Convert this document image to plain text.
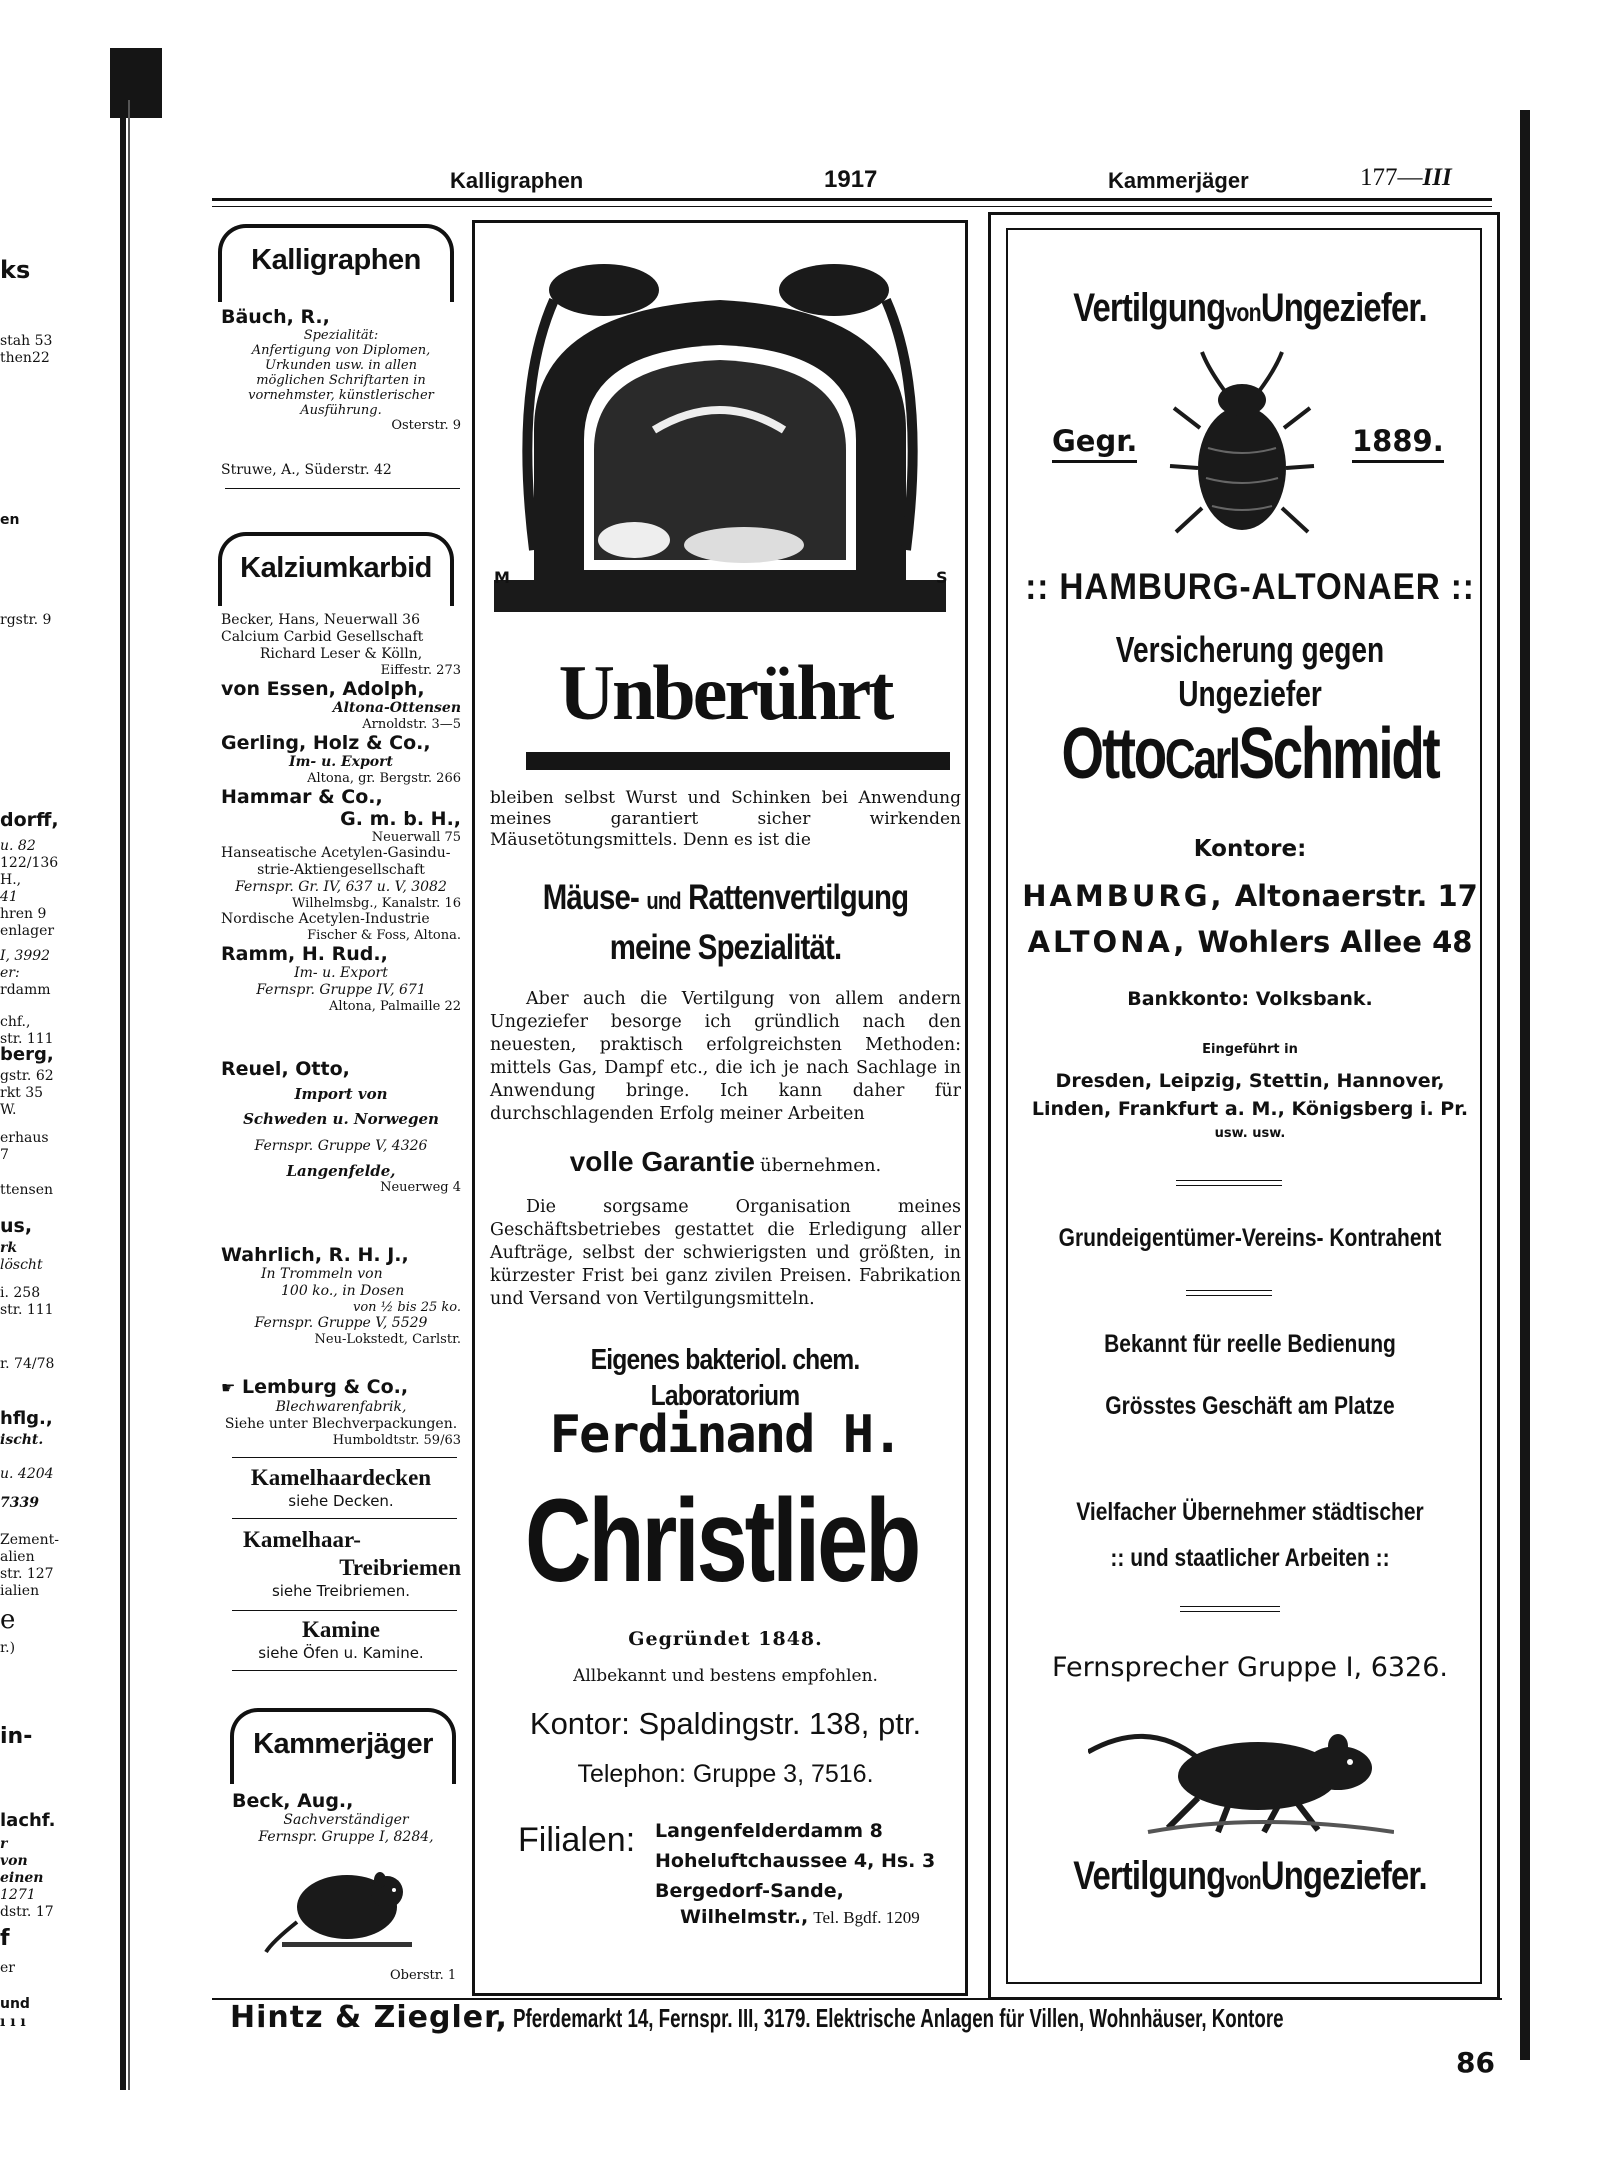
ks
stah 53
then22
en
rgstr. 9
dorff,
u. 82
122/136
H.,
41
hren 9
enlager
I, 3992
er:
rdamm
chf.,
str. 111
berg,
gstr. 62
rkt 35
W.
erhaus
7
ttensen
us,
rk
löscht
i. 258
str. 111
r. 74/78
hflg.,
ischt.
u. 4204
7339
Zement-
alien
str. 127
ialien
e
r.)
in-
lachf.
r
von
einen
1271
dstr. 17
f
er
und
ı ı ı
Kalligraphen	1917	Kammerjäger	177—III
Kalligraphen
Bäuch, R.,
Spezialität:
Anfertigung von Diplomen,
Urkunden usw. in allen
möglichen Schriftarten in
vornehmster, künstlerischer
Ausführung.
Osterstr. 9
Struwe, A., Süderstr. 42
Kalziumkarbid
Becker, Hans, Neuerwall 36
Calcium Carbid Gesellschaft
Richard Leser & Kölln,
Eiffestr. 273
von Essen, Adolph,
Altona-Ottensen
Arnoldstr. 3—5
Gerling, Holz & Co.,
Im- u. Export
Altona, gr. Bergstr. 266
Hammar & Co.,
G. m. b. H.,
Neuerwall 75
Hanseatische Acetylen-Gasindu-
strie-Aktiengesellschaft
Fernspr. Gr. IV, 637 u. V, 3082
Wilhelmsbg., Kanalstr. 16
Nordische Acetylen-Industrie
Fischer & Foss, Altona.
Ramm, H. Rud.,
Im- u. Export
Fernspr. Gruppe IV, 671
Altona, Palmaille 22
Reuel, Otto,
Import von
Schweden u. Norwegen
Fernspr. Gruppe V, 4326
Langenfelde,
Neuerweg 4
Wahrlich, R. H. J.,
In Trommeln von
100 ko., in Dosen
von ½ bis 25 ko.
Fernspr. Gruppe V, 5529
Neu-Lokstedt, Carlstr.
☛ Lemburg & Co.,
Blechwarenfabrik,
Siehe unter Blechverpackungen.
Humboldtstr. 59/63
Kamelhaardecken
siehe Decken.
Kamelhaar-
Treibriemen
siehe Treibriemen.
Kamine
siehe Öfen u. Kamine.
Kammerjäger
Beck, Aug.,
Sachverständiger
Fernspr. Gruppe I, 8284,
Oberstr. 1
M	S
Unberührt
bleiben selbst Wurst und Schinken bei Anwendung meines garantiert sicher wirkenden Mäusetötungsmittels. Denn es ist die
Mäuse- und Rattenvertilgung
meine Spezialität.
Aber auch die Vertilgung von allem andern Ungeziefer besorge ich gründlich nach den neuesten, praktisch erfolgreichsten Methoden: mittels Gas, Dampf etc., die ich je nach Sachlage in Anwendung bringe. Ich kann daher für durchschlagenden Erfolg meiner Arbeiten
volle Garantie übernehmen.
Die sorgsame Organisation meines Geschäftsbetriebes gestattet die Erledigung aller Aufträge, selbst der schwierigsten und größten, in kürzester Frist bei ganz zivilen Preisen. Fabrikation und Versand von Vertilgungsmitteln.
Eigenes bakteriol. chem. Laboratorium
Ferdinand H.
Christlieb
Gegründet 1848.
Allbekannt und bestens empfohlen.
Kontor: Spaldingstr. 138, ptr.
Telephon: Gruppe 3, 7516.
Filialen: Langenfelderdamm 8
Hoheluftchaussee 4, Hs. 3
Bergedorf-Sande,
Wilhelmstr., Tel. Bgdf. 1209
VertilgungvonUngeziefer.
Gegr.	1889.
:: HAMBURG-ALTONAER ::
Versicherung gegen Ungeziefer
OttoCarlSchmidt
Kontore:
HAMBURG, Altonaerstr. 17
ALTONA, Wohlers Allee 48
Bankkonto: Volksbank.
Eingeführt in
Dresden, Leipzig, Stettin, Hannover,
Linden, Frankfurt a. M., Königsberg i. Pr.
usw. usw.
Grundeigentümer-Vereins- Kontrahent
Bekannt für reelle Bedienung
Grösstes Geschäft am Platze
Vielfacher Übernehmer städtischer
:: und staatlicher Arbeiten ::
Fernsprecher Gruppe I, 6326.
VertilgungvonUngeziefer.
Hintz & Ziegler, Pferdemarkt 14, Fernspr. III, 3179. Elektrische Anlagen für Villen, Wohnhäuser, Kontore
86
